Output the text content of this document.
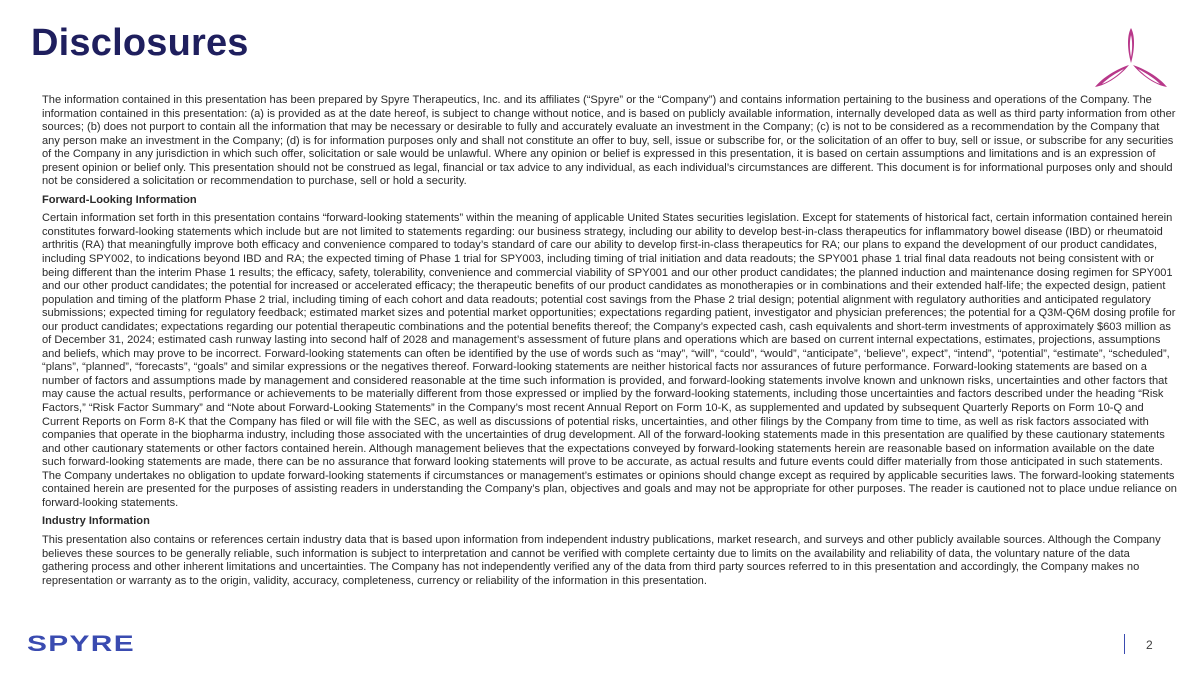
Disclosures

The information contained in this presentation has been prepared by Spyre Therapeutics, Inc. and its affiliates (“Spyre” or the “Company”) and contains information pertaining to the business and operations of the Company. The information contained in this presentation: (a) is provided as at the date hereof, is subject to change without notice, and is based on publicly available information, internally developed data as well as third party information from other sources; (b) does not purport to contain all the information that may be necessary or desirable to fully and accurately evaluate an investment in the Company; (c) is not to be considered as a recommendation by the Company that any person make an investment in the Company; (d) is for information purposes only and shall not constitute an offer to buy, sell, issue or subscribe for, or the solicitation of an offer to buy, sell or issue, or subscribe for any securities of the Company in any jurisdiction in which such offer, solicitation or sale would be unlawful. Where any opinion or belief is expressed in this presentation, it is based on certain assumptions and limitations and is an expression of present opinion or belief only. This presentation should not be construed as legal, financial or tax advice to any individual, as each individual’s circumstances are different. This document is for informational purposes only and should not be considered a solicitation or recommendation to purchase, sell or hold a security.

Forward-Looking Information

Certain information set forth in this presentation contains “forward-looking statements” within the meaning of applicable United States securities legislation. Except for statements of historical fact, certain information contained herein constitutes forward-looking statements which include but are not limited to statements regarding: our business strategy, including our ability to develop best-in-class therapeutics for inflammatory bowel disease (IBD) or rheumatoid arthritis (RA) that meaningfully improve both efficacy and convenience compared to today’s standard of care our ability to develop first-in-class therapeutics for RA; our plans to expand the development of our product candidates, including SPY002, to indications beyond IBD and RA; the expected timing of Phase 1 trial for SPY003, including timing of trial initiation and data readouts; the SPY001 phase 1 trial final data readouts not being consistent with or being different than the interim Phase 1 results; the efficacy, safety, tolerability, convenience and commercial viability of SPY001 and our other product candidates; the planned induction and maintenance dosing regimen for SPY001 and our other product candidates; the potential for increased or accelerated efficacy; the therapeutic benefits of our product candidates as monotherapies or in combinations and their extended half-life; the expected design, patient population and timing of the platform Phase 2 trial, including timing of each cohort and data readouts; potential cost savings from the Phase 2 trial design; potential alignment with regulatory authorities and anticipated regulatory submissions; expected timing for regulatory feedback; estimated market sizes and potential market opportunities; expectations regarding patient, investigator and physician preferences; the potential for a Q3M-Q6M dosing profile for our product candidates; expectations regarding our potential therapeutic combinations and the potential benefits thereof; the Company’s expected cash, cash equivalents and short-term investments of approximately $603 million as of December 31, 2024; estimated cash runway lasting into second half of 2028 and management’s assessment of future plans and operations which are based on current internal expectations, estimates, projections, assumptions and beliefs, which may prove to be incorrect. Forward-looking statements can often be identified by the use of words such as “may”, “will”, “could”, “would”, “anticipate”, ‘believe”, expect”, “intend”, “potential”, “estimate”, “scheduled”, “plans”, “planned”, “forecasts”, “goals” and similar expressions or the negatives thereof. Forward-looking statements are neither historical facts nor assurances of future performance. Forward-looking statements are based on a number of factors and assumptions made by management and considered reasonable at the time such information is provided, and forward-looking statements involve known and unknown risks, uncertainties and other factors that may cause the actual results, performance or achievements to be materially different from those expressed or implied by the forward-looking statements, including those uncertainties and factors described under the heading “Risk Factors,” “Risk Factor Summary” and “Note about Forward-Looking Statements” in the Company’s most recent Annual Report on Form 10-K, as supplemented and updated by subsequent Quarterly Reports on Form 10-Q and Current Reports on Form 8-K that the Company has filed or will file with the SEC, as well as discussions of potential risks, uncertainties, and other filings by the Company from time to time, as well as risk factors associated with companies that operate in the biopharma industry, including those associated with the uncertainties of drug development. All of the forward-looking statements made in this presentation are qualified by these cautionary statements and other cautionary statements or other factors contained herein. Although management believes that the expectations conveyed by forward-looking statements herein are reasonable based on information available on the date such forward-looking statements are made, there can be no assurance that forward looking statements will prove to be accurate, as actual results and future events could differ materially from those anticipated in such statements. The Company undertakes no obligation to update forward-looking statements if circumstances or management’s estimates or opinions should change except as required by applicable securities laws. The forward-looking statements contained herein are presented for the purposes of assisting readers in understanding the Company’s plan, objectives and goals and may not be appropriate for other purposes. The reader is cautioned not to place undue reliance on forward-looking statements.

Industry Information

This presentation also contains or references certain industry data that is based upon information from independent industry publications, market research, and surveys and other publicly available sources. Although the Company believes these sources to be generally reliable, such information is subject to interpretation and cannot be verified with complete certainty due to limits on the availability and reliability of data, the voluntary nature of the data gathering process and other inherent limitations and uncertainties. The Company has not independently verified any of the data from third party sources referred to in this presentation and accordingly, the Company makes no representation or warranty as to the origin, validity, accuracy, completeness, currency or reliability of the information in this presentation.

SPYRE	2
